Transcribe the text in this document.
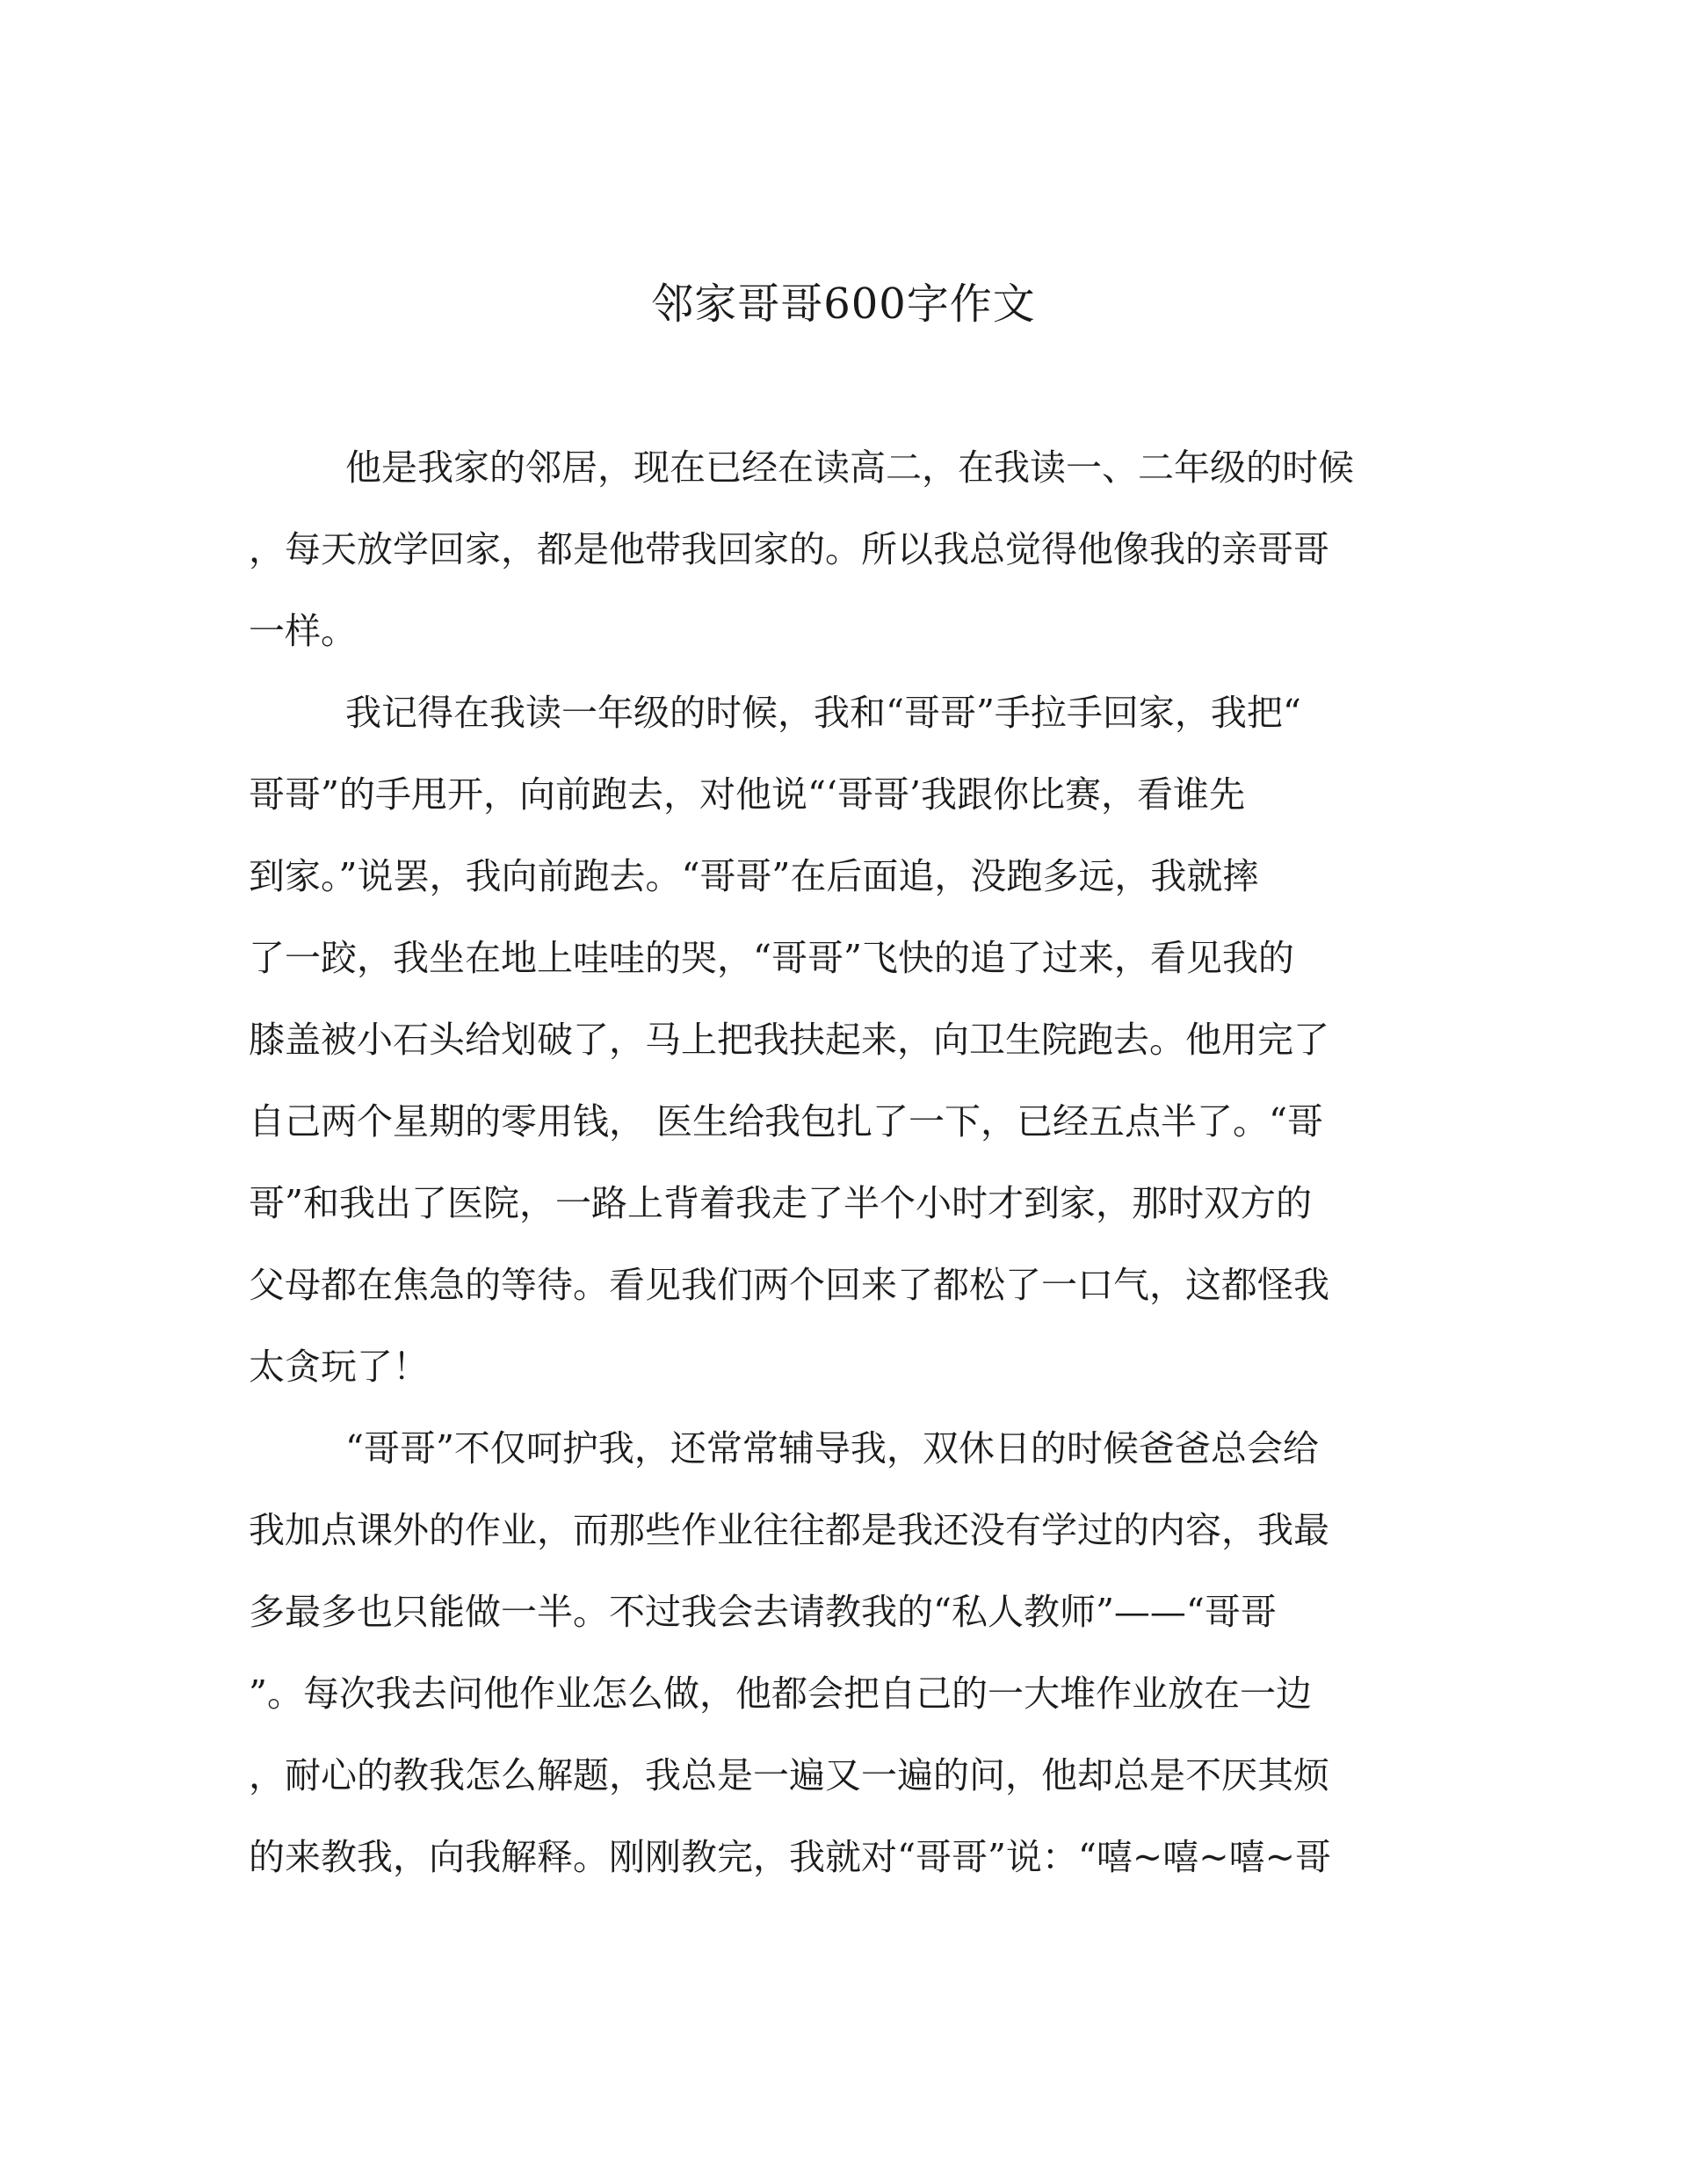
邻家哥哥600字作文
他是我家的邻居，现在已经在读高二，在我读一、二年级的时候
，每天放学回家，都是他带我回家的。所以我总觉得他像我的亲哥哥
一样。
我记得在我读一年级的时候，我和“哥哥”手拉手回家，我把“
哥哥”的手甩开，向前跑去，对他说“‘哥哥’我跟你比赛，看谁先
到家。”说罢，我向前跑去。“哥哥”在后面追，没跑多远，我就摔
了一跤，我坐在地上哇哇的哭，“哥哥”飞快的追了过来，看见我的
膝盖被小石头给划破了，马上把我扶起来，向卫生院跑去。他用完了
自己两个星期的零用钱， 医生给我包扎了一下，已经五点半了。“哥
哥”和我出了医院，一路上背着我走了半个小时才到家，那时双方的
父母都在焦急的等待。看见我们两个回来了都松了一口气，这都怪我
太贪玩了！
“哥哥”不仅呵护我，还常常辅导我，双休日的时候爸爸总会给
我加点课外的作业，而那些作业往往都是我还没有学过的内容，我最
多最多也只能做一半。不过我会去请教我的“私人教师”——“哥哥
”。每次我去问他作业怎么做，他都会把自己的一大堆作业放在一边
，耐心的教我怎么解题，我总是一遍又一遍的问，他却总是不厌其烦
的来教我，向我解释。刚刚教完，我就对“哥哥”说：“嘻~嘻~嘻~哥
